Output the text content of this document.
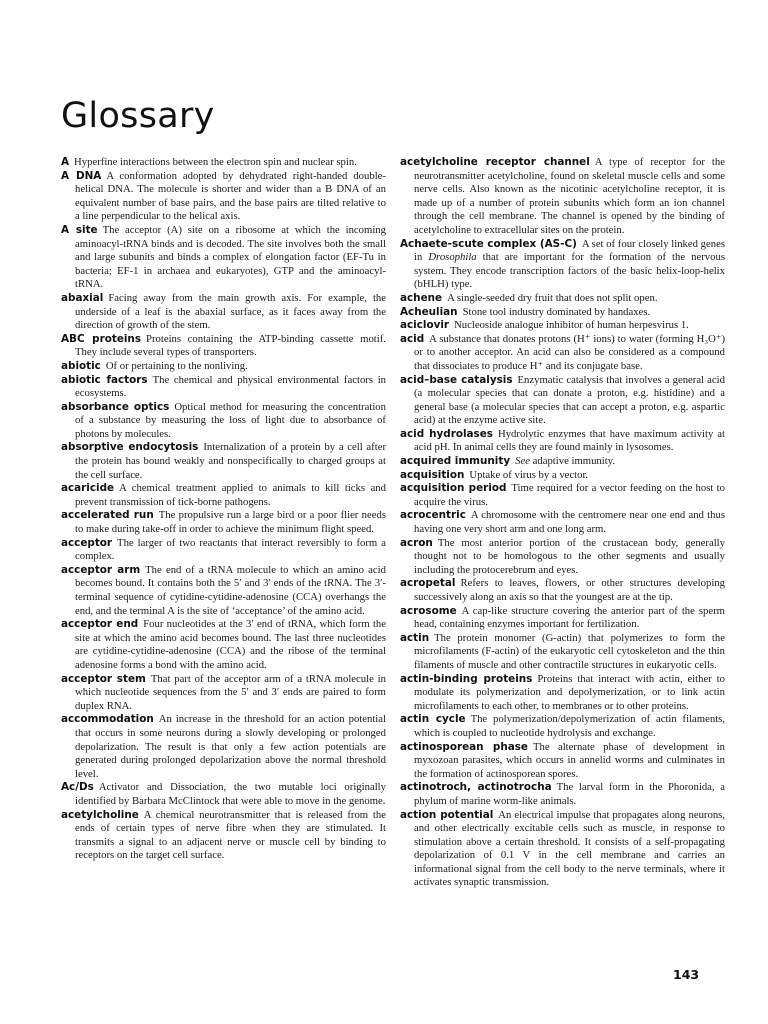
Glossary

A Hyperfine interactions between the electron spin and nuclear spin.

A DNA A conformation adopted by dehydrated right-handed double-helical DNA. The molecule is shorter and wider than a B DNA of an equivalent number of base pairs, and the base pairs are tilted relative to a line perpendicular to the helical axis.

A site The acceptor (A) site on a ribosome at which the incoming aminoacyl-tRNA binds and is decoded. The site involves both the small and large subunits and binds a complex of elongation factor (EF-Tu in bacteria; EF-1 in archaea and eukaryotes), GTP and the aminoacyl-tRNA.

abaxial Facing away from the main growth axis. For example, the underside of a leaf is the abaxial surface, as it faces away from the direction of growth of the stem.

ABC proteins Proteins containing the ATP-binding cassette motif. They include several types of transporters.

abiotic Of or pertaining to the nonliving.

abiotic factors The chemical and physical environmental factors in ecosystems.

absorbance optics Optical method for measuring the concentration of a substance by measuring the loss of light due to absorbance of photons by molecules.

absorptive endocytosis Internalization of a protein by a cell after the protein has bound weakly and nonspecifically to charged groups at the cell surface.

acaricide A chemical treatment applied to animals to kill ticks and prevent transmission of tick-borne pathogens.

accelerated run The propulsive run a large bird or a poor flier needs to make during take-off in order to achieve the minimum flight speed.

acceptor The larger of two reactants that interact reversibly to form a complex.

acceptor arm The end of a tRNA molecule to which an amino acid becomes bound. It contains both the 5′ and 3′ ends of the tRNA. The 3′-terminal sequence of cytidine-cytidine-adenosine (CCA) overhangs the end, and the terminal A is the site of ‘acceptance’ of the amino acid.

acceptor end Four nucleotides at the 3′ end of tRNA, which form the site at which the amino acid becomes bound. The last three nucleotides are cytidine-cytidine-adenosine (CCA) and the ribose of the terminal adenosine forms a bond with the amino acid.

acceptor stem That part of the acceptor arm of a tRNA molecule in which nucleotide sequences from the 5′ and 3′ ends are paired to form duplex RNA.

accommodation An increase in the threshold for an action potential that occurs in some neurons during a slowly developing or prolonged depolarization. The result is that only a few action potentials are generated during prolonged depolarization above the normal threshold level.

Ac/Ds Activator and Dissociation, the two mutable loci originally identified by Barbara McClintock that were able to move in the genome.

acetylcholine A chemical neurotransmitter that is released from the ends of certain types of nerve fibre when they are stimulated. It transmits a signal to an adjacent nerve or muscle cell by binding to receptors on the target cell surface.

acetylcholine receptor channel A type of receptor for the neurotransmitter acetylcholine, found on skeletal muscle cells and some nerve cells. Also known as the nicotinic acetylcholine receptor, it is made up of a number of protein subunits which form an ion channel through the cell membrane. The channel is opened by the binding of acetylcholine to extracellular sites on the protein.

Achaete-scute complex (AS-C) A set of four closely linked genes in Drosophila that are important for the formation of the nervous system. They encode transcription factors of the basic helix-loop-helix (bHLH) type.

achene A single-seeded dry fruit that does not split open.

Acheulian Stone tool industry dominated by handaxes.

aciclovir Nucleoside analogue inhibitor of human herpesvirus 1.

acid A substance that donates protons (H⁺ ions) to water (forming H₃O⁺) or to another acceptor. An acid can also be considered as a compound that dissociates to produce H⁺ and its conjugate base.

acid–base catalysis Enzymatic catalysis that involves a general acid (a molecular species that can donate a proton, e.g. histidine) and a general base (a molecular species that can accept a proton, e.g. aspartic acid) at the enzyme active site.

acid hydrolases Hydrolytic enzymes that have maximum activity at acid pH. In animal cells they are found mainly in lysosomes.

acquired immunity See adaptive immunity.

acquisition Uptake of virus by a vector.

acquisition period Time required for a vector feeding on the host to acquire the virus.

acrocentric A chromosome with the centromere near one end and thus having one very short arm and one long arm.

acron The most anterior portion of the crustacean body, generally thought not to be homologous to the other segments and usually including the protocerebrum and eyes.

acropetal Refers to leaves, flowers, or other structures developing successively along an axis so that the youngest are at the tip.

acrosome A cap-like structure covering the anterior part of the sperm head, containing enzymes important for fertilization.

actin The protein monomer (G-actin) that polymerizes to form the microfilaments (F-actin) of the eukaryotic cell cytoskeleton and the thin filaments of muscle and other contractile structures in eukaryotic cells.

actin-binding proteins Proteins that interact with actin, either to modulate its polymerization and depolymerization, or to link actin microfilaments to each other, to membranes or to other proteins.

actin cycle The polymerization/depolymerization of actin filaments, which is coupled to nucleotide hydrolysis and exchange.

actinosporean phase The alternate phase of development in myxozoan parasites, which occurs in annelid worms and culminates in the formation of actinosporean spores.

actinotroch, actinotrocha The larval form in the Phoronida, a phylum of marine worm-like animals.

action potential An electrical impulse that propagates along neurons, and other electrically excitable cells such as muscle, in response to stimulation above a certain threshold. It consists of a self-propagating depolarization of 0.1 V in the cell membrane and carries an informational signal from the cell body to the nerve terminals, where it activates synaptic transmission.

143
